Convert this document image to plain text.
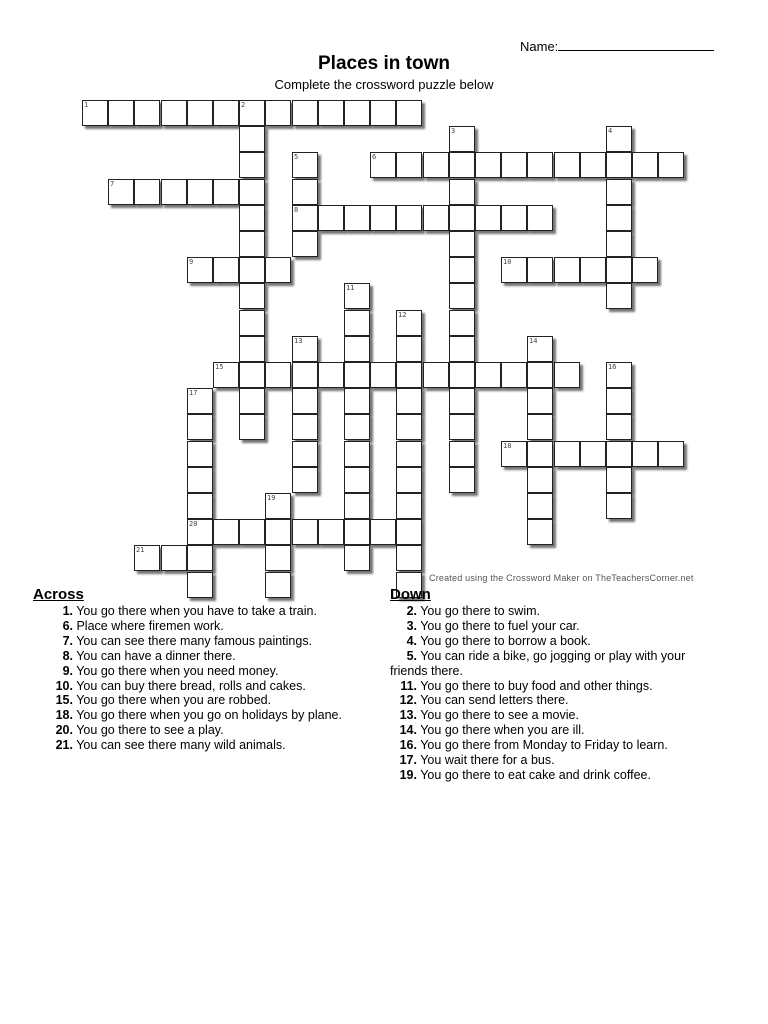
Name:
Places in town
Complete the crossword puzzle below
1	2
3	4
5	6
7
8
9	10
11
12
13	14
15	16
17
18
19
20
21
Created using the Crossword Maker on TheTeachersCorner.net
Across
1. You go there when you have to take a train.
6. Place where firemen work.
7. You can see there many famous paintings.
8. You can have a dinner there.
9. You go there when you need money.
10. You can buy there bread, rolls and cakes.
15. You go there when you are robbed.
18. You go there when you go on holidays by plane.
20. You go there to see a play.
21. You can see there many wild animals.
Down
2. You go there to swim.
3. You go there to fuel your car.
4. You go there to borrow a book.
5. You can ride a bike, go jogging or play with your friends there.
11. You go there to buy food and other things.
12. You can send letters there.
13. You go there to see a movie.
14. You go there when you are ill.
16. You go there from Monday to Friday to learn.
17. You wait there for a bus.
19. You go there to eat cake and drink coffee.
